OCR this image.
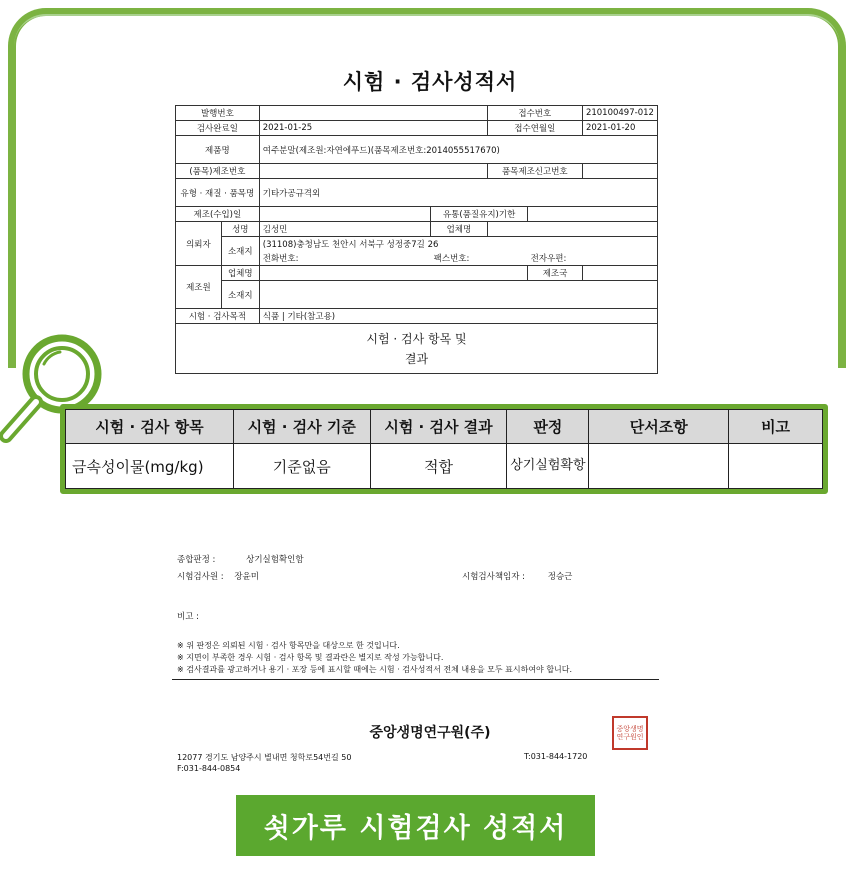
시험 · 검사성적서
발행번호				접수번호		210100497-012
검사완료일		2021-01-25		접수연월일		2021-01-20
제품명		여주분말(제조원:자연에푸드)(품목제조번호:2014055517670)				
(품목)제조번호				품목제조신고번호		
유형 · 재질 · 품목명		기타가공규격외				
제조(수입)일			유통(품질유지)기한			
의뢰자	성명	김성민	업체명			
	소재지	(31108)충청남도 천안시 서북구 성정중7길 26				
		전화번호:	팩스번호:		전자우편:	
제조원	업체명				제조국	
	소재지					
시험 · 검사목적		식품 | 기타(참고용)				

시험 · 검사 항목 및
결과						
시험 · 검사 항목	시험 · 검사 기준	시험 · 검사 결과	판정	단서조항	비고
금속성이물(mg/kg)	기준없음	적합	상기실험확항		
종합판정 :	상기실험확인함
시험검사원 : 장윤미	시험검사책임자 :	정승근
비고 :
※ 위 판정은 의뢰된 시험 · 검사 항목만을 대상으로 한 것입니다.
※ 지면이 부족한 경우 시험 · 검사 항목 및 결과란은 별지로 작성 가능합니다.
※ 검사결과를 광고하거나 용기 · 포장 등에 표시할 때에는 시험 · 검사성적서 전체 내용을 모두 표시하여야 합니다.
중앙생명연구원(주)	중앙생명연구원인
12077 경기도 남양주시 별내면 청학로54번길 50	T:031-844-1720
F:031-844-0854
쇳가루 시험검사 성적서
